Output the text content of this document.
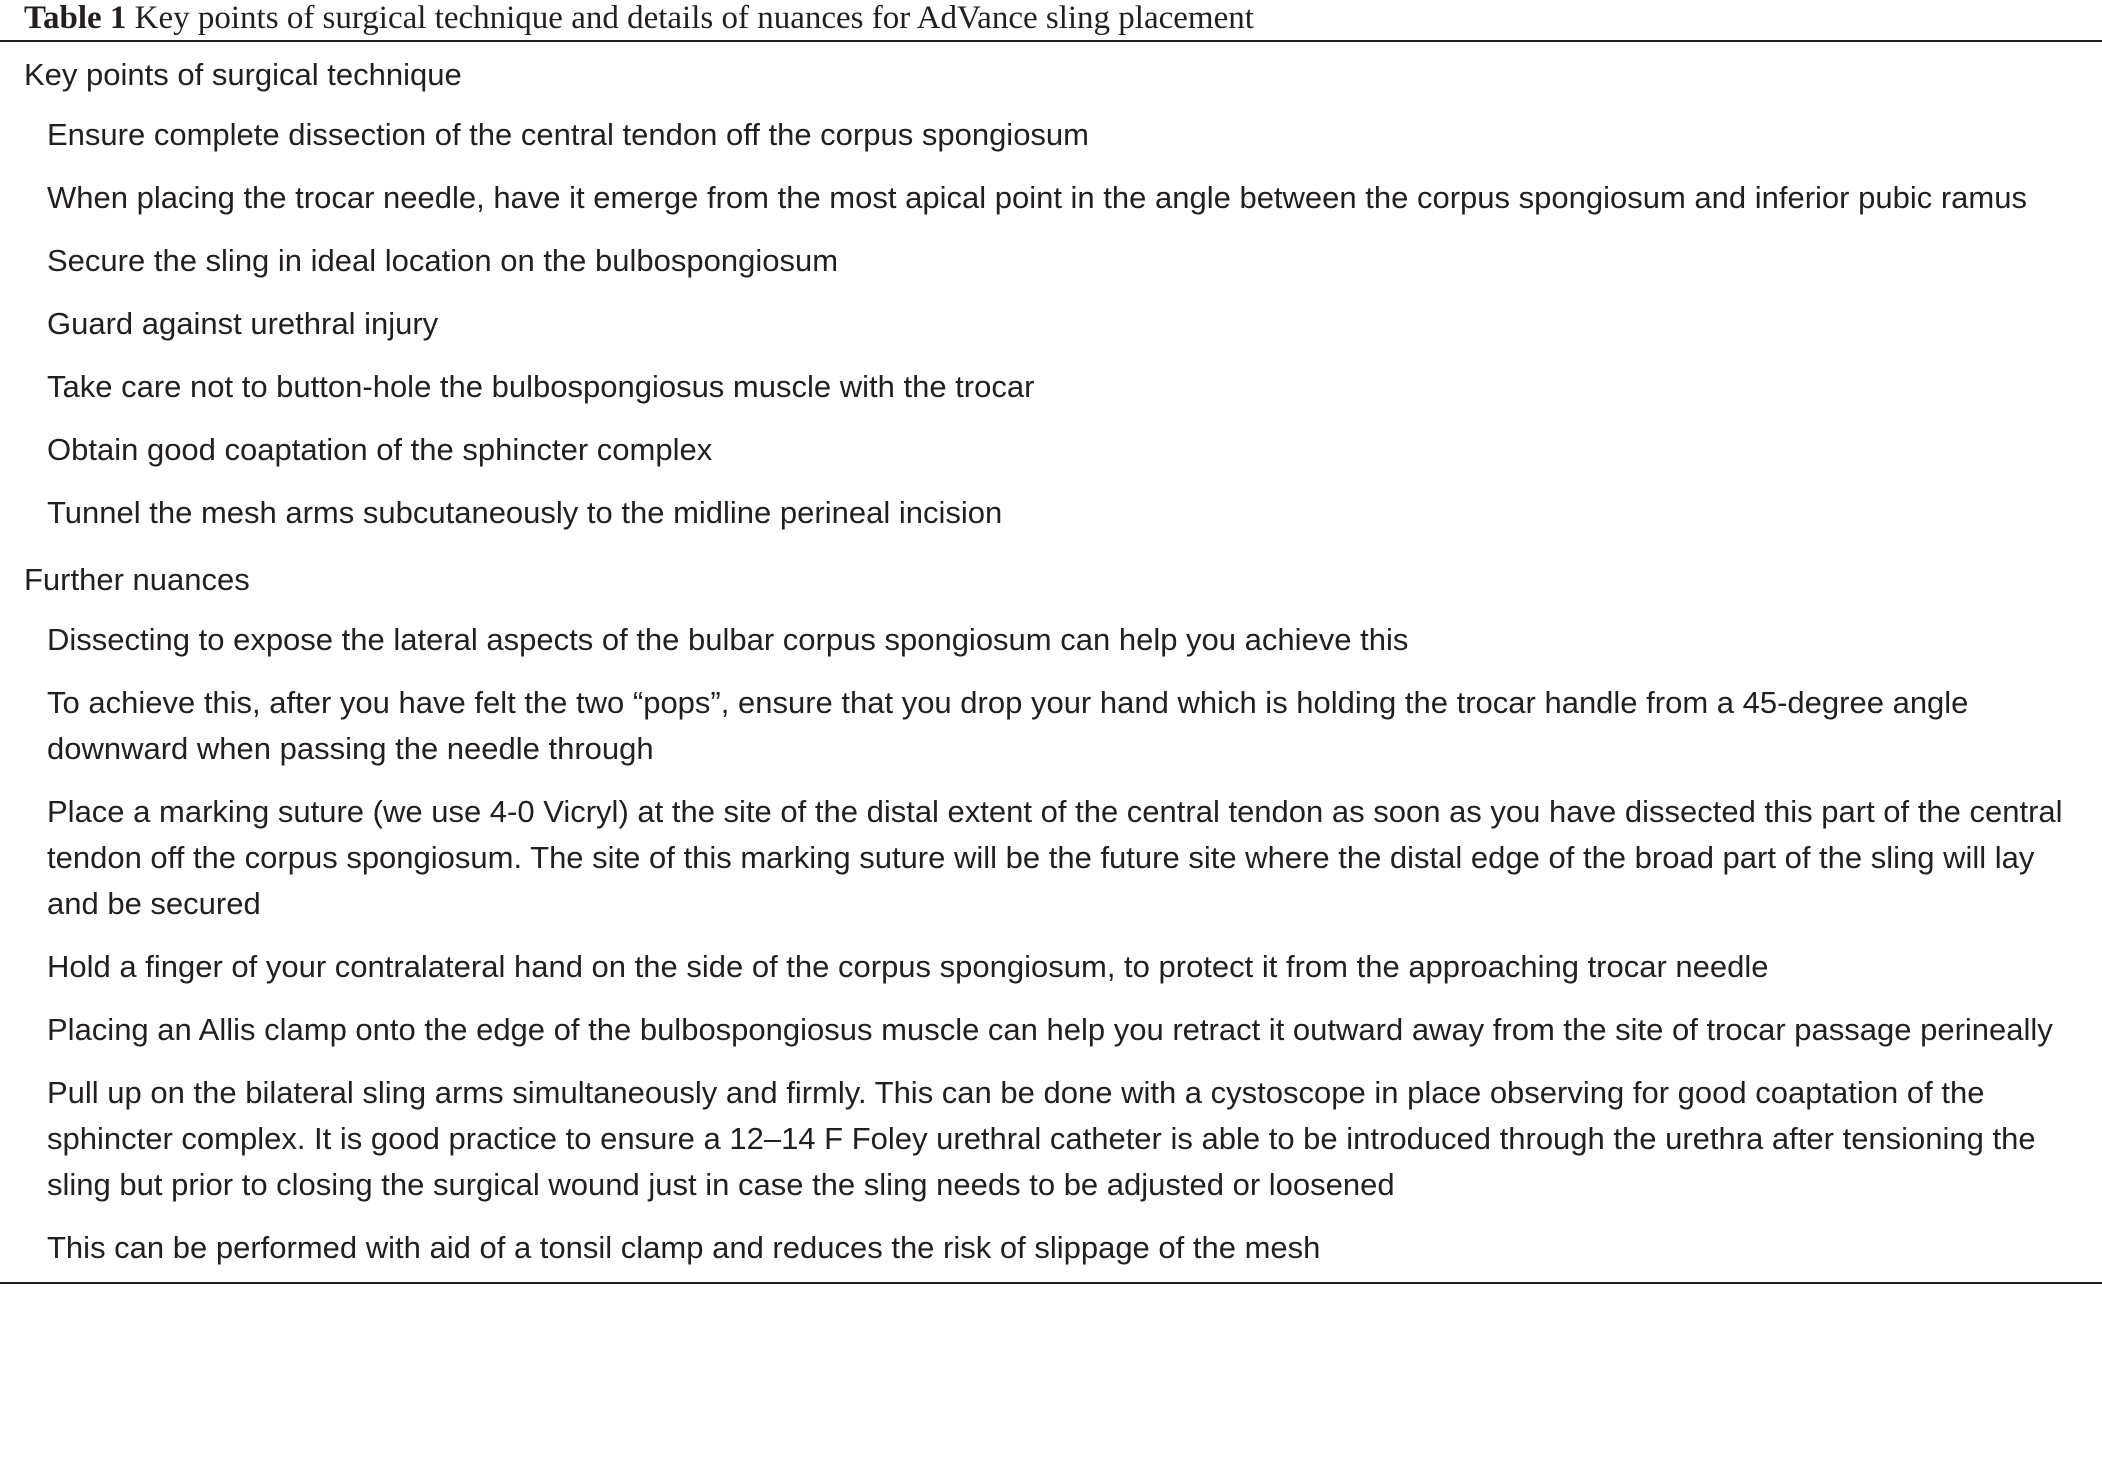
Table 1 Key points of surgical technique and details of nuances for AdVance sling placement
Key points of surgical technique
Ensure complete dissection of the central tendon off the corpus spongiosum
When placing the trocar needle, have it emerge from the most apical point in the angle between the corpus spongiosum and inferior pubic ramus
Secure the sling in ideal location on the bulbospongiosum
Guard against urethral injury
Take care not to button-hole the bulbospongiosus muscle with the trocar
Obtain good coaptation of the sphincter complex
Tunnel the mesh arms subcutaneously to the midline perineal incision
Further nuances
Dissecting to expose the lateral aspects of the bulbar corpus spongiosum can help you achieve this
To achieve this, after you have felt the two “pops”, ensure that you drop your hand which is holding the trocar handle from a 45-degree angle downward when passing the needle through
Place a marking suture (we use 4-0 Vicryl) at the site of the distal extent of the central tendon as soon as you have dissected this part of the central tendon off the corpus spongiosum. The site of this marking suture will be the future site where the distal edge of the broad part of the sling will lay and be secured
Hold a finger of your contralateral hand on the side of the corpus spongiosum, to protect it from the approaching trocar needle
Placing an Allis clamp onto the edge of the bulbospongiosus muscle can help you retract it outward away from the site of trocar passage perineally
Pull up on the bilateral sling arms simultaneously and firmly. This can be done with a cystoscope in place observing for good coaptation of the sphincter complex. It is good practice to ensure a 12–14 F Foley urethral catheter is able to be introduced through the urethra after tensioning the sling but prior to closing the surgical wound just in case the sling needs to be adjusted or loosened
This can be performed with aid of a tonsil clamp and reduces the risk of slippage of the mesh
